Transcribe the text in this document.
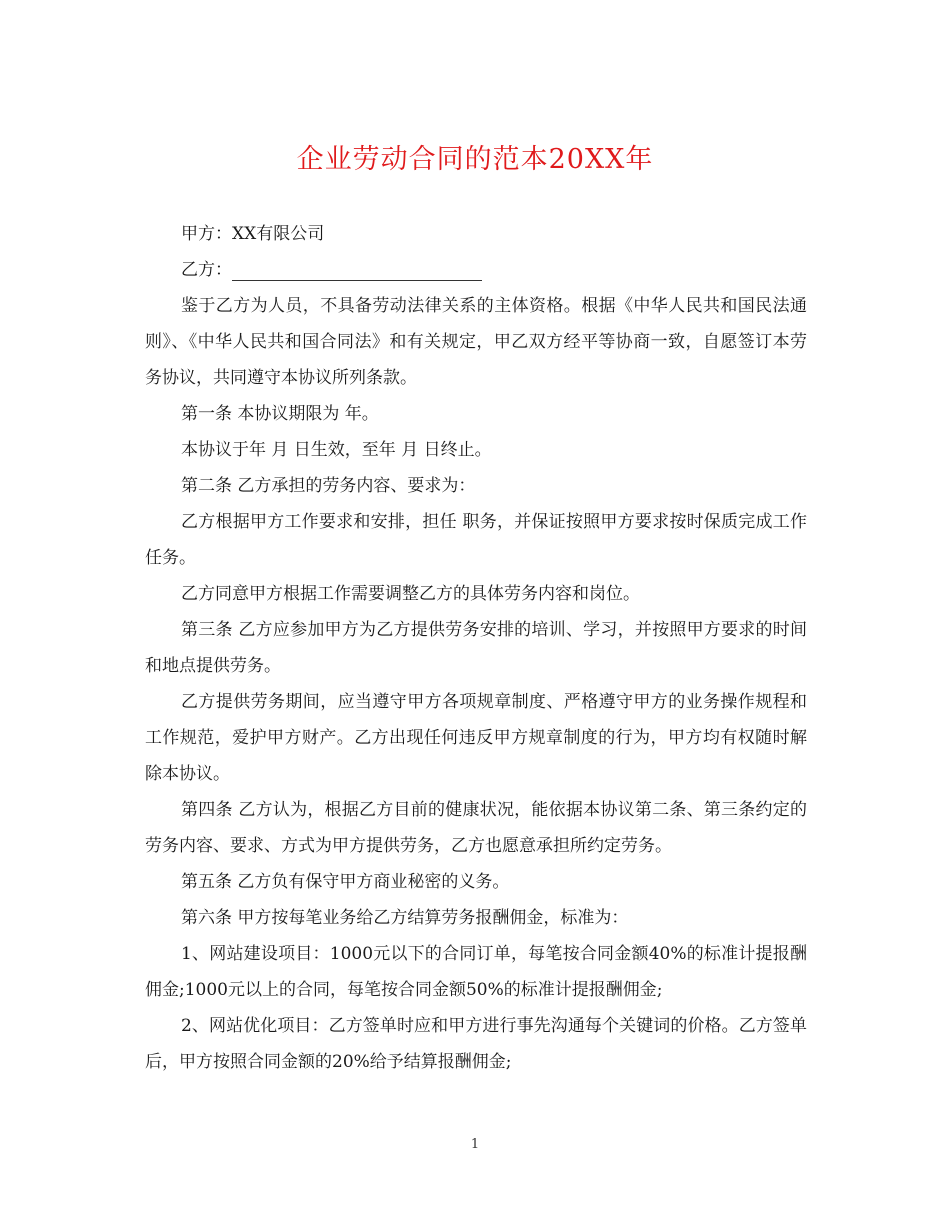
企业劳动合同的范本20XX年

甲方：XX有限公司

乙方：

鉴于乙方为人员，不具备劳动法律关系的主体资格。根据《中华人民共和国民法通则》、《中华人民共和国合同法》和有关规定，甲乙双方经平等协商一致，自愿签订本劳务协议，共同遵守本协议所列条款。

第一条 本协议期限为 年。

本协议于年 月 日生效，至年 月 日终止。

第二条 乙方承担的劳务内容、要求为：

乙方根据甲方工作要求和安排，担任 职务，并保证按照甲方要求按时保质完成工作任务。

乙方同意甲方根据工作需要调整乙方的具体劳务内容和岗位。

第三条 乙方应参加甲方为乙方提供劳务安排的培训、学习，并按照甲方要求的时间和地点提供劳务。

乙方提供劳务期间，应当遵守甲方各项规章制度、严格遵守甲方的业务操作规程和工作规范，爱护甲方财产。乙方出现任何违反甲方规章制度的行为，甲方均有权随时解除本协议。

第四条 乙方认为，根据乙方目前的健康状况，能依据本协议第二条、第三条约定的劳务内容、要求、方式为甲方提供劳务，乙方也愿意承担所约定劳务。

第五条 乙方负有保守甲方商业秘密的义务。

第六条 甲方按每笔业务给乙方结算劳务报酬佣金，标准为：

1、网站建设项目：1000元以下的合同订单，每笔按合同金额40%的标准计提报酬佣金;1000元以上的合同，每笔按合同金额50%的标准计提报酬佣金;

2、网站优化项目：乙方签单时应和甲方进行事先沟通每个关键词的价格。乙方签单后，甲方按照合同金额的20%给予结算报酬佣金;

1
